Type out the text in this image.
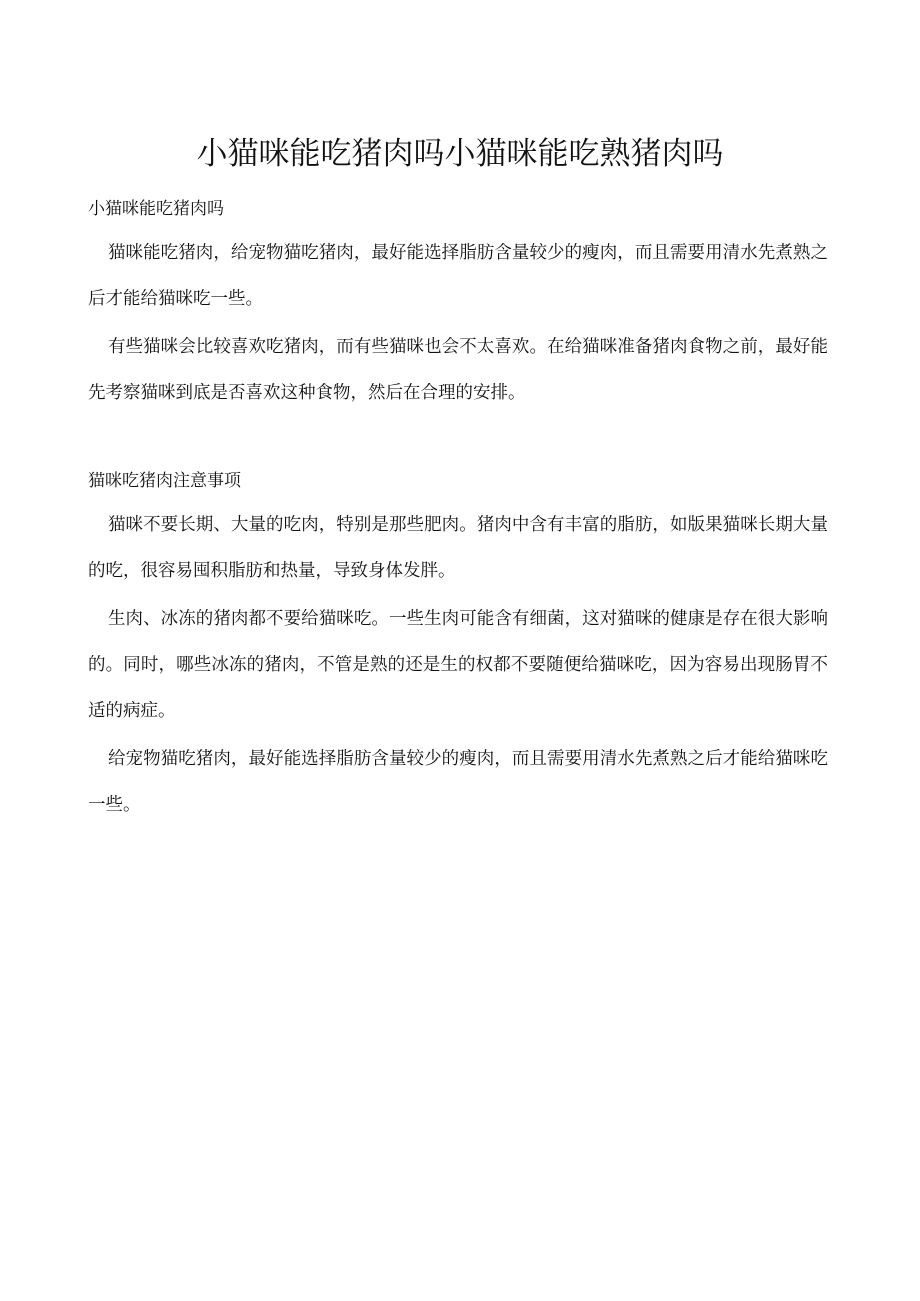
小猫咪能吃猪肉吗小猫咪能吃熟猪肉吗

小猫咪能吃猪肉吗

猫咪能吃猪肉，给宠物猫吃猪肉，最好能选择脂肪含量较少的瘦肉，而且需要用清水先煮熟之后才能给猫咪吃一些。

有些猫咪会比较喜欢吃猪肉，而有些猫咪也会不太喜欢。在给猫咪准备猪肉食物之前，最好能先考察猫咪到底是否喜欢这种食物，然后在合理的安排。

猫咪吃猪肉注意事项

猫咪不要长期、大量的吃肉，特别是那些肥肉。猪肉中含有丰富的脂肪，如版果猫咪长期大量的吃，很容易囤积脂肪和热量，导致身体发胖。

生肉、冰冻的猪肉都不要给猫咪吃。一些生肉可能含有细菌，这对猫咪的健康是存在很大影响的。同时，哪些冰冻的猪肉，不管是熟的还是生的权都不要随便给猫咪吃，因为容易出现肠胃不适的病症。

给宠物猫吃猪肉，最好能选择脂肪含量较少的瘦肉，而且需要用清水先煮熟之后才能给猫咪吃一些。
